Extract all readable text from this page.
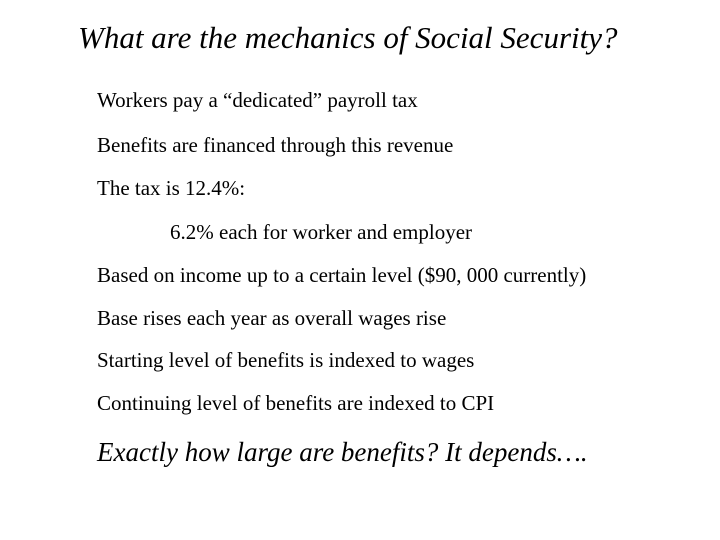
What are the mechanics of Social Security?
Workers pay a “dedicated” payroll tax
Benefits are financed through this revenue
The tax is 12.4%:
6.2% each for worker and employer
Based on income up to a certain level ($90, 000 currently)
Base rises each year as overall wages rise
Starting level of benefits is indexed to wages
Continuing level of benefits are indexed to CPI
Exactly how large are benefits? It depends….
